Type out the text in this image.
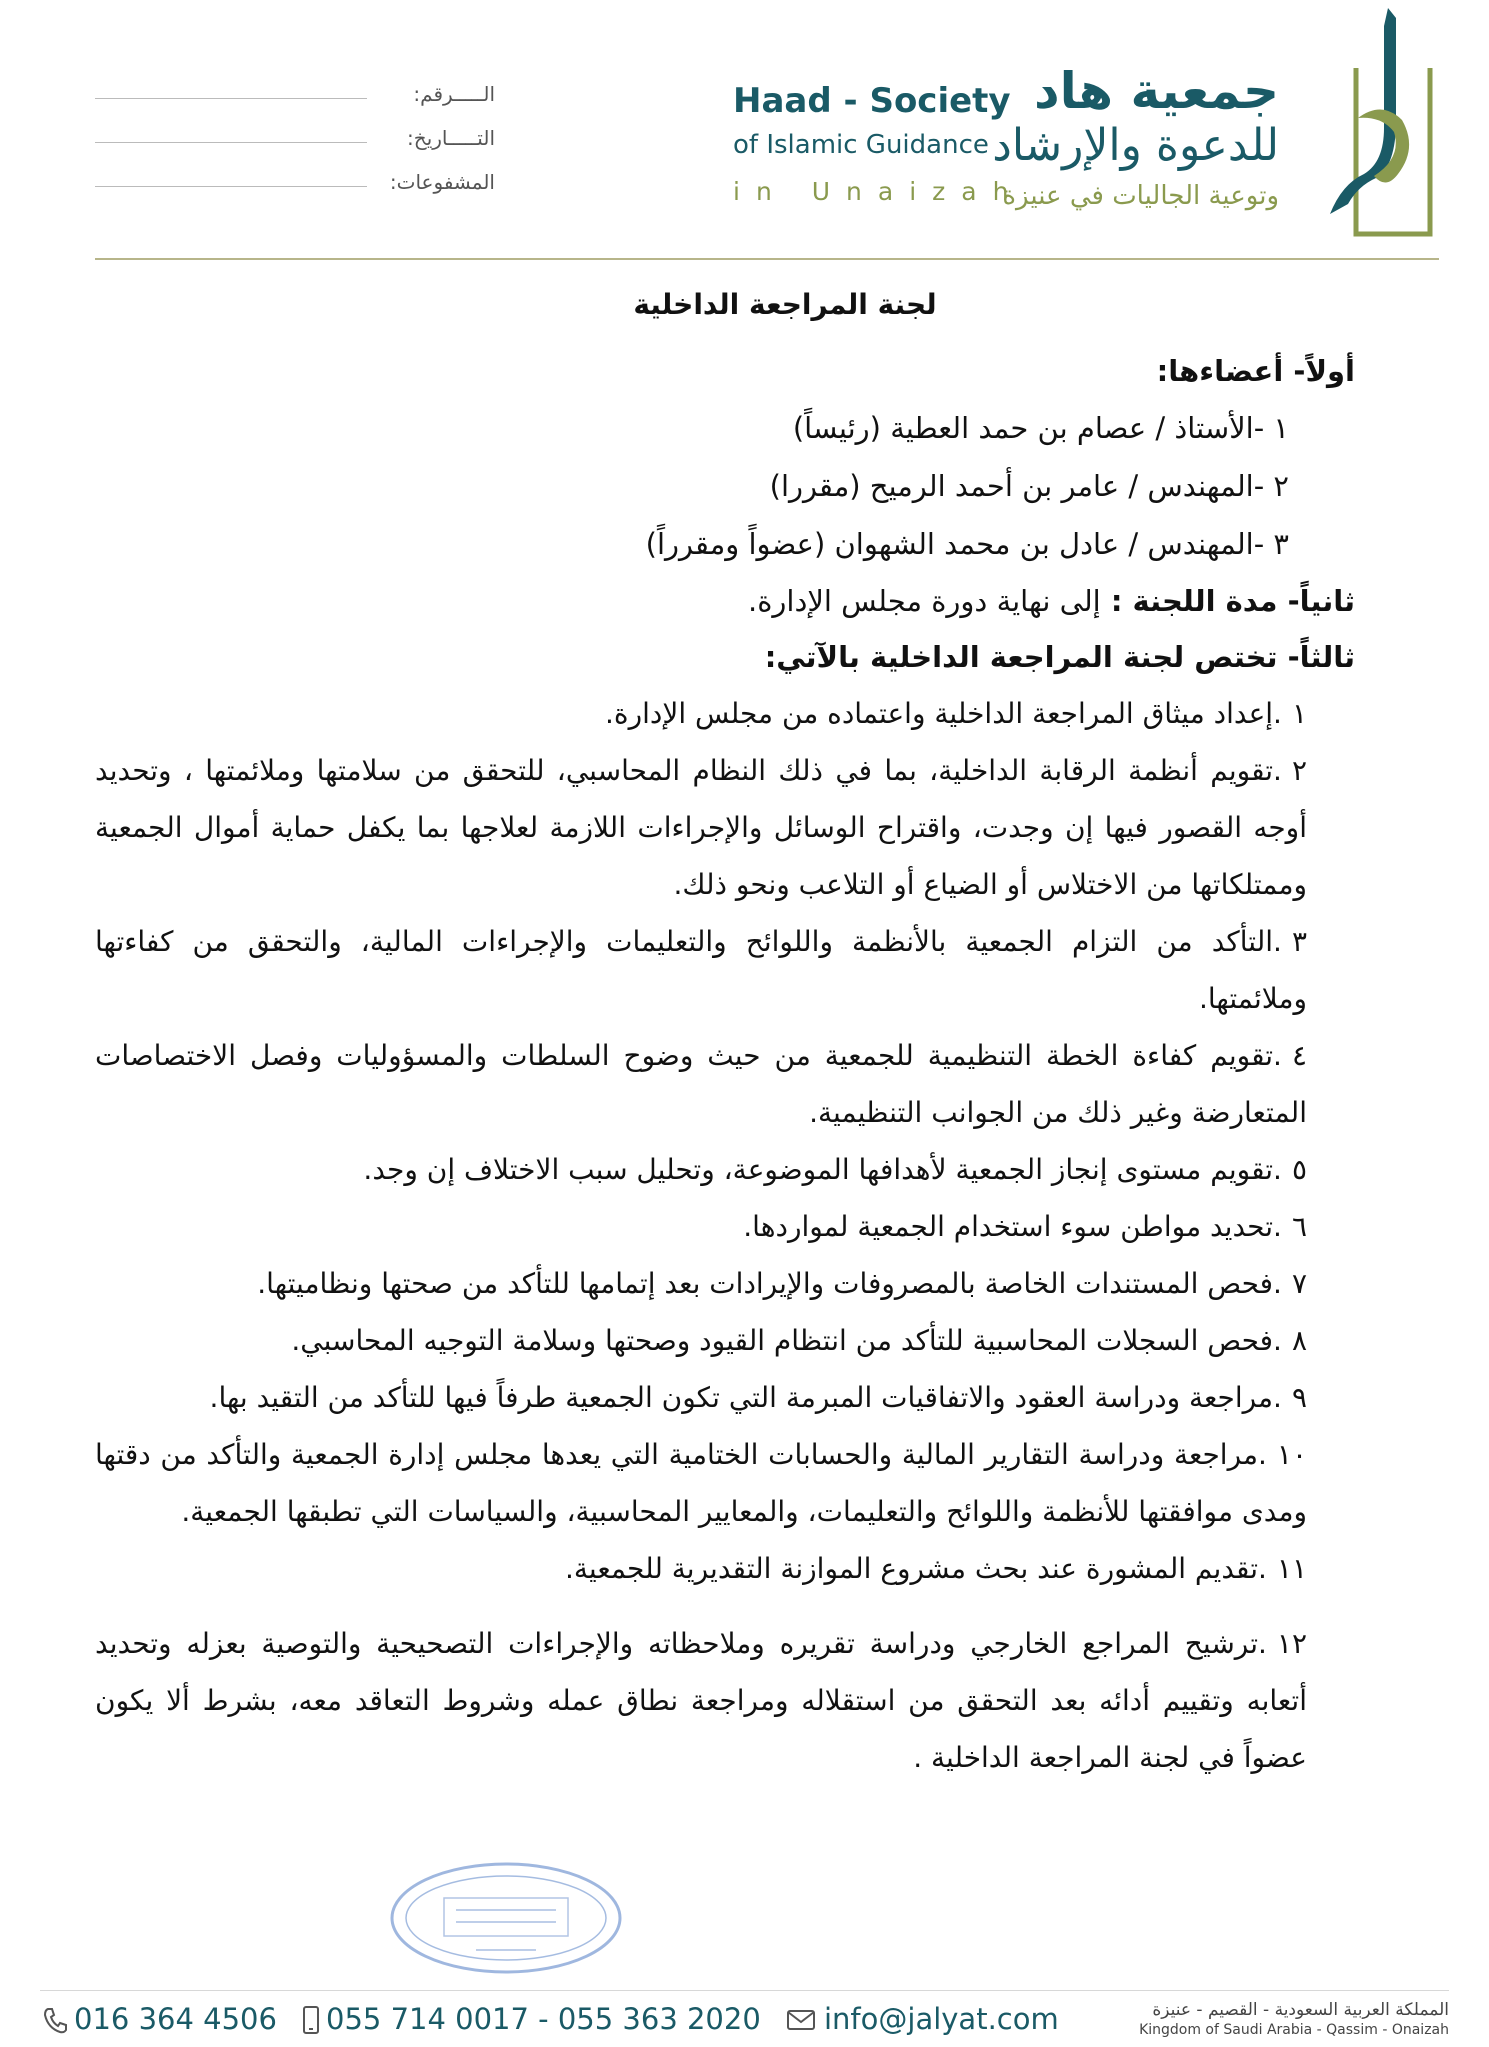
جمعية هاد
للدعوة والإرشاد
وتوعية الجاليات في عنيزة
Haad - Society
of Islamic Guidance
in Unaizah
الـــــرقم:
التـــــاريخ:
المشفوعات:
لجنة المراجعة الداخلية
أولاً- أعضاءها:
١ -الأستاذ / عصام بن حمد العطية (رئيساً)
٢ -المهندس / عامر بن أحمد الرميح (مقررا)
٣ -المهندس / عادل بن محمد الشهوان (عضواً ومقرراً)
ثانياً- مدة اللجنة : إلى نهاية دورة مجلس الإدارة.
ثالثاً- تختص لجنة المراجعة الداخلية بالآتي:
١.إعداد ميثاق المراجعة الداخلية واعتماده من مجلس الإدارة.
٢.تقويم أنظمة الرقابة الداخلية، بما في ذلك النظام المحاسبي، للتحقق من سلامتها وملائمتها ، وتحديد أوجه القصور فيها إن وجدت، واقتراح الوسائل والإجراءات اللازمة لعلاجها بما يكفل حماية أموال الجمعية وممتلكاتها من الاختلاس أو الضياع أو التلاعب ونحو ذلك.
٣.التأكد من التزام الجمعية بالأنظمة واللوائح والتعليمات والإجراءات المالية، والتحقق من كفاءتها وملائمتها.
٤.تقويم كفاءة الخطة التنظيمية للجمعية من حيث وضوح السلطات والمسؤوليات وفصل الاختصاصات المتعارضة وغير ذلك من الجوانب التنظيمية.
٥.تقويم مستوى إنجاز الجمعية لأهدافها الموضوعة، وتحليل سبب الاختلاف إن وجد.
٦.تحديد مواطن سوء استخدام الجمعية لمواردها.
٧.فحص المستندات الخاصة بالمصروفات والإيرادات بعد إتمامها للتأكد من صحتها ونظاميتها.
٨.فحص السجلات المحاسبية للتأكد من انتظام القيود وصحتها وسلامة التوجيه المحاسبي.
٩.مراجعة ودراسة العقود والاتفاقيات المبرمة التي تكون الجمعية طرفاً فيها للتأكد من التقيد بها.
١٠.مراجعة ودراسة التقارير المالية والحسابات الختامية التي يعدها مجلس إدارة الجمعية والتأكد من دقتها ومدى موافقتها للأنظمة واللوائح والتعليمات، والمعايير المحاسبية، والسياسات التي تطبقها الجمعية.
١١.تقديم المشورة عند بحث مشروع الموازنة التقديرية للجمعية.
١٢.ترشيح المراجع الخارجي ودراسة تقريره وملاحظاته والإجراءات التصحيحية والتوصية بعزله وتحديد أتعابه وتقييم أدائه بعد التحقق من استقلاله ومراجعة نطاق عمله وشروط التعاقد معه، بشرط ألا يكون عضواً في لجنة المراجعة الداخلية .
016 364 4506 055 714 0017 - 055 363 2020 info@jalyat.com	المملكة العربية السعودية - القصيم - عنيزة
Kingdom of Saudi Arabia - Qassim - Onaizah
